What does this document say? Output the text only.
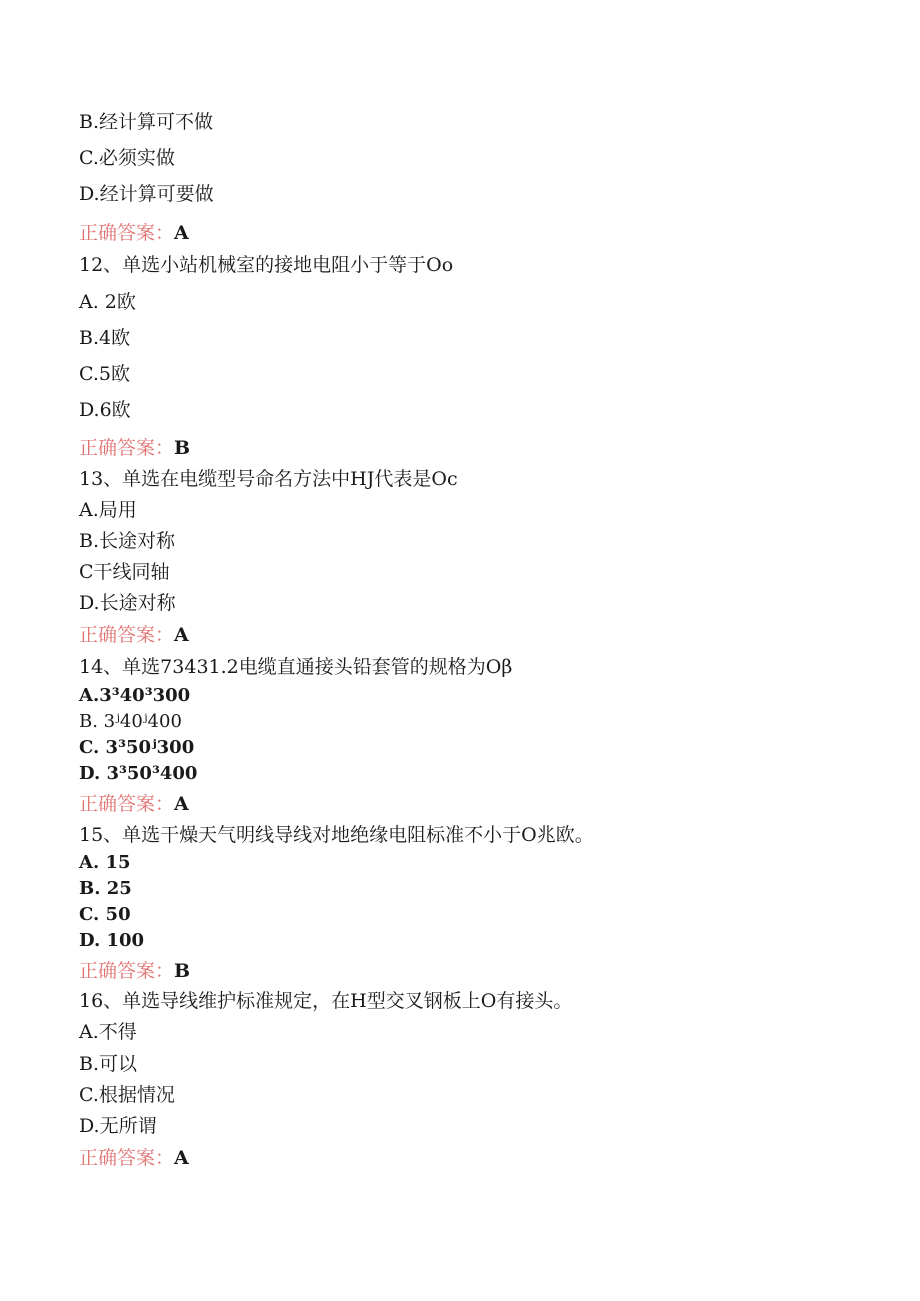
B.经计算可不做
C.必须实做
D.经计算可要做
正确答案：A
12、单选小站机械室的接地电阻小于等于Oo
A. 2欧
B.4欧
C.5欧
D.6欧
正确答案：B
13、单选在电缆型号命名方法中HJ代表是Oc
A.局用
B.长途对称
C干线同轴
D.长途对称
正确答案：A
14、单选73431.2电缆直通接头铅套管的规格为Oβ
A.3³40³300
B. 3ʲ40ʲ400
C. 3³50ʲ300
D. 3³50³400
正确答案：A
15、单选干燥天气明线导线对地绝缘电阻标准不小于O兆欧。
A. 15
B. 25
C. 50
D. 100
正确答案：B
16、单选导线维护标准规定，在H型交叉钢板上O有接头。
A.不得
B.可以
C.根据情况
D.无所谓
正确答案：A
